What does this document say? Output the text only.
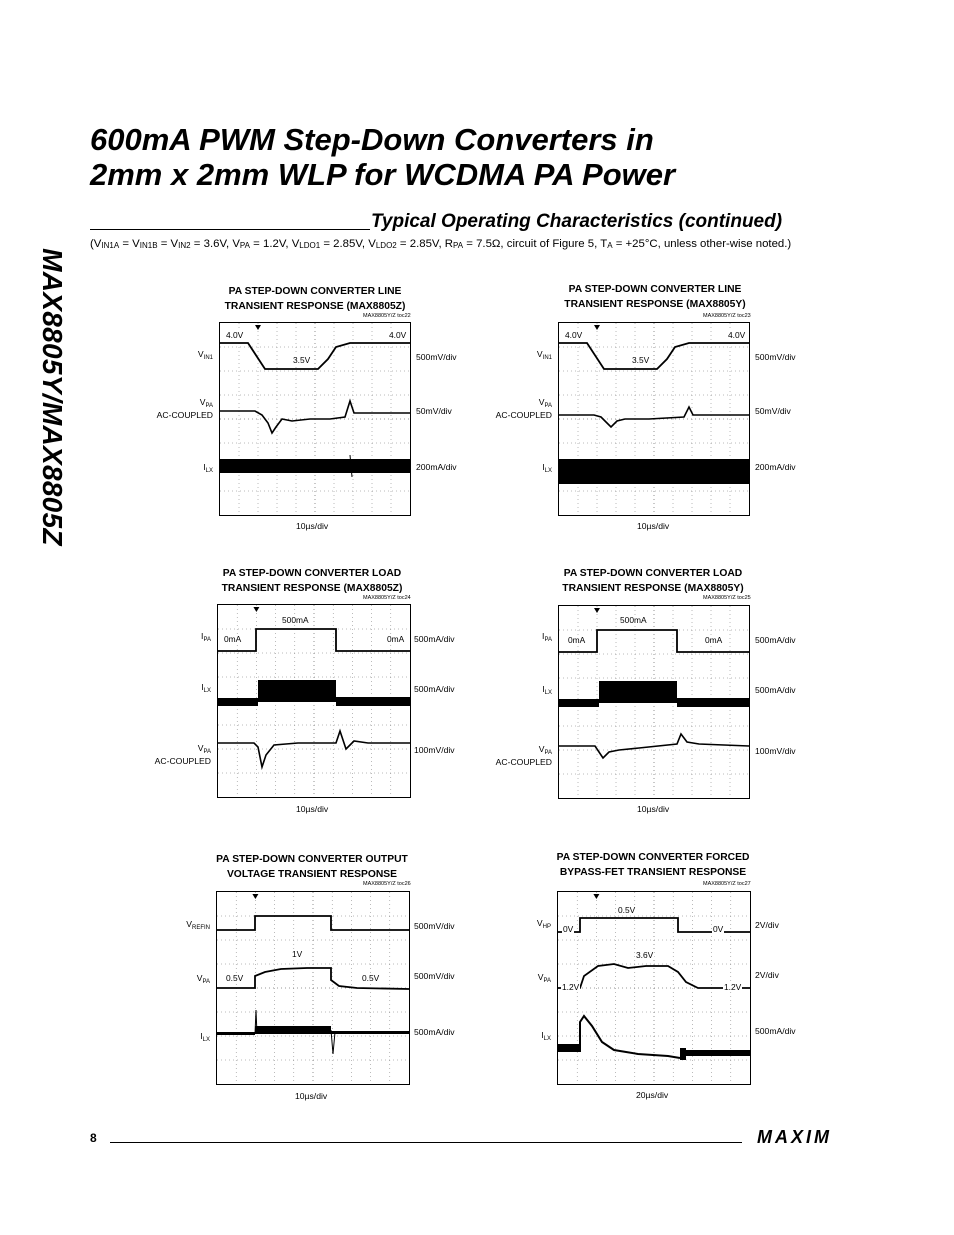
MAX8805Y/MAX8805Z
600mA PWM Step-Down Converters in
2mm x 2mm WLP for WCDMA PA Power
Typical Operating Characteristics (continued)
($V_{IN1A} = V_{IN1B} = V_{IN2} = 3.6V$, $V_{PA} = 1.2V$, $V_{LDO1} = 2.85V$, $V_{LDO2} = 2.85V$, $R_{PA} = 7.5\Omega$, circuit of Figure 5, $T_A = +25^\circ C$, unless other-wise noted.)
PA STEP-DOWN CONVERTER LINE
TRANSIENT RESPONSE (MAX8805Z)
MAX8805Y/Z toc22
4.0V	4.0V
3.5V
$V_{IN1}$
$V_{PA}$
AC-COUPLED
$I_{LX}$
500mV/div
50mV/div
200mA/div
10µs/div
PA STEP-DOWN CONVERTER LINE
TRANSIENT RESPONSE (MAX8805Y)
MAX8805Y/Z toc23
4.0V	4.0V
3.5V
$V_{IN1}$
$V_{PA}$
AC-COUPLED
$I_{LX}$
500mV/div
50mV/div
200mA/div
10µs/div
PA STEP-DOWN CONVERTER LOAD
TRANSIENT RESPONSE (MAX8805Z)
MAX8805Y/Z toc24
500mA
0mA	0mA
$I_{PA}$
$I_{LX}$
$V_{PA}$
AC-COUPLED
500mA/div
500mA/div
100mV/div
10µs/div
PA STEP-DOWN CONVERTER LOAD
TRANSIENT RESPONSE (MAX8805Y)
MAX8805Y/Z toc25
500mA
0mA	0mA
$I_{PA}$
$I_{LX}$
$V_{PA}$
AC-COUPLED
500mA/div
500mA/div
100mV/div
10µs/div
PA STEP-DOWN CONVERTER OUTPUT
VOLTAGE TRANSIENT RESPONSE
MAX8805Y/Z toc26
1V
0.5V	0.5V
$V_{REFIN}$
$V_{PA}$
$I_{LX}$
500mV/div
500mV/div
500mA/div
10µs/div
PA STEP-DOWN CONVERTER FORCED
BYPASS-FET TRANSIENT RESPONSE
MAX8805Y/Z toc27
0.5V
0V	0V
3.6V
1.2V	1.2V
$V_{HP}$
$V_{PA}$
$I_{LX}$
2V/div
2V/div
500mA/div
20µs/div
8	MAXIM
